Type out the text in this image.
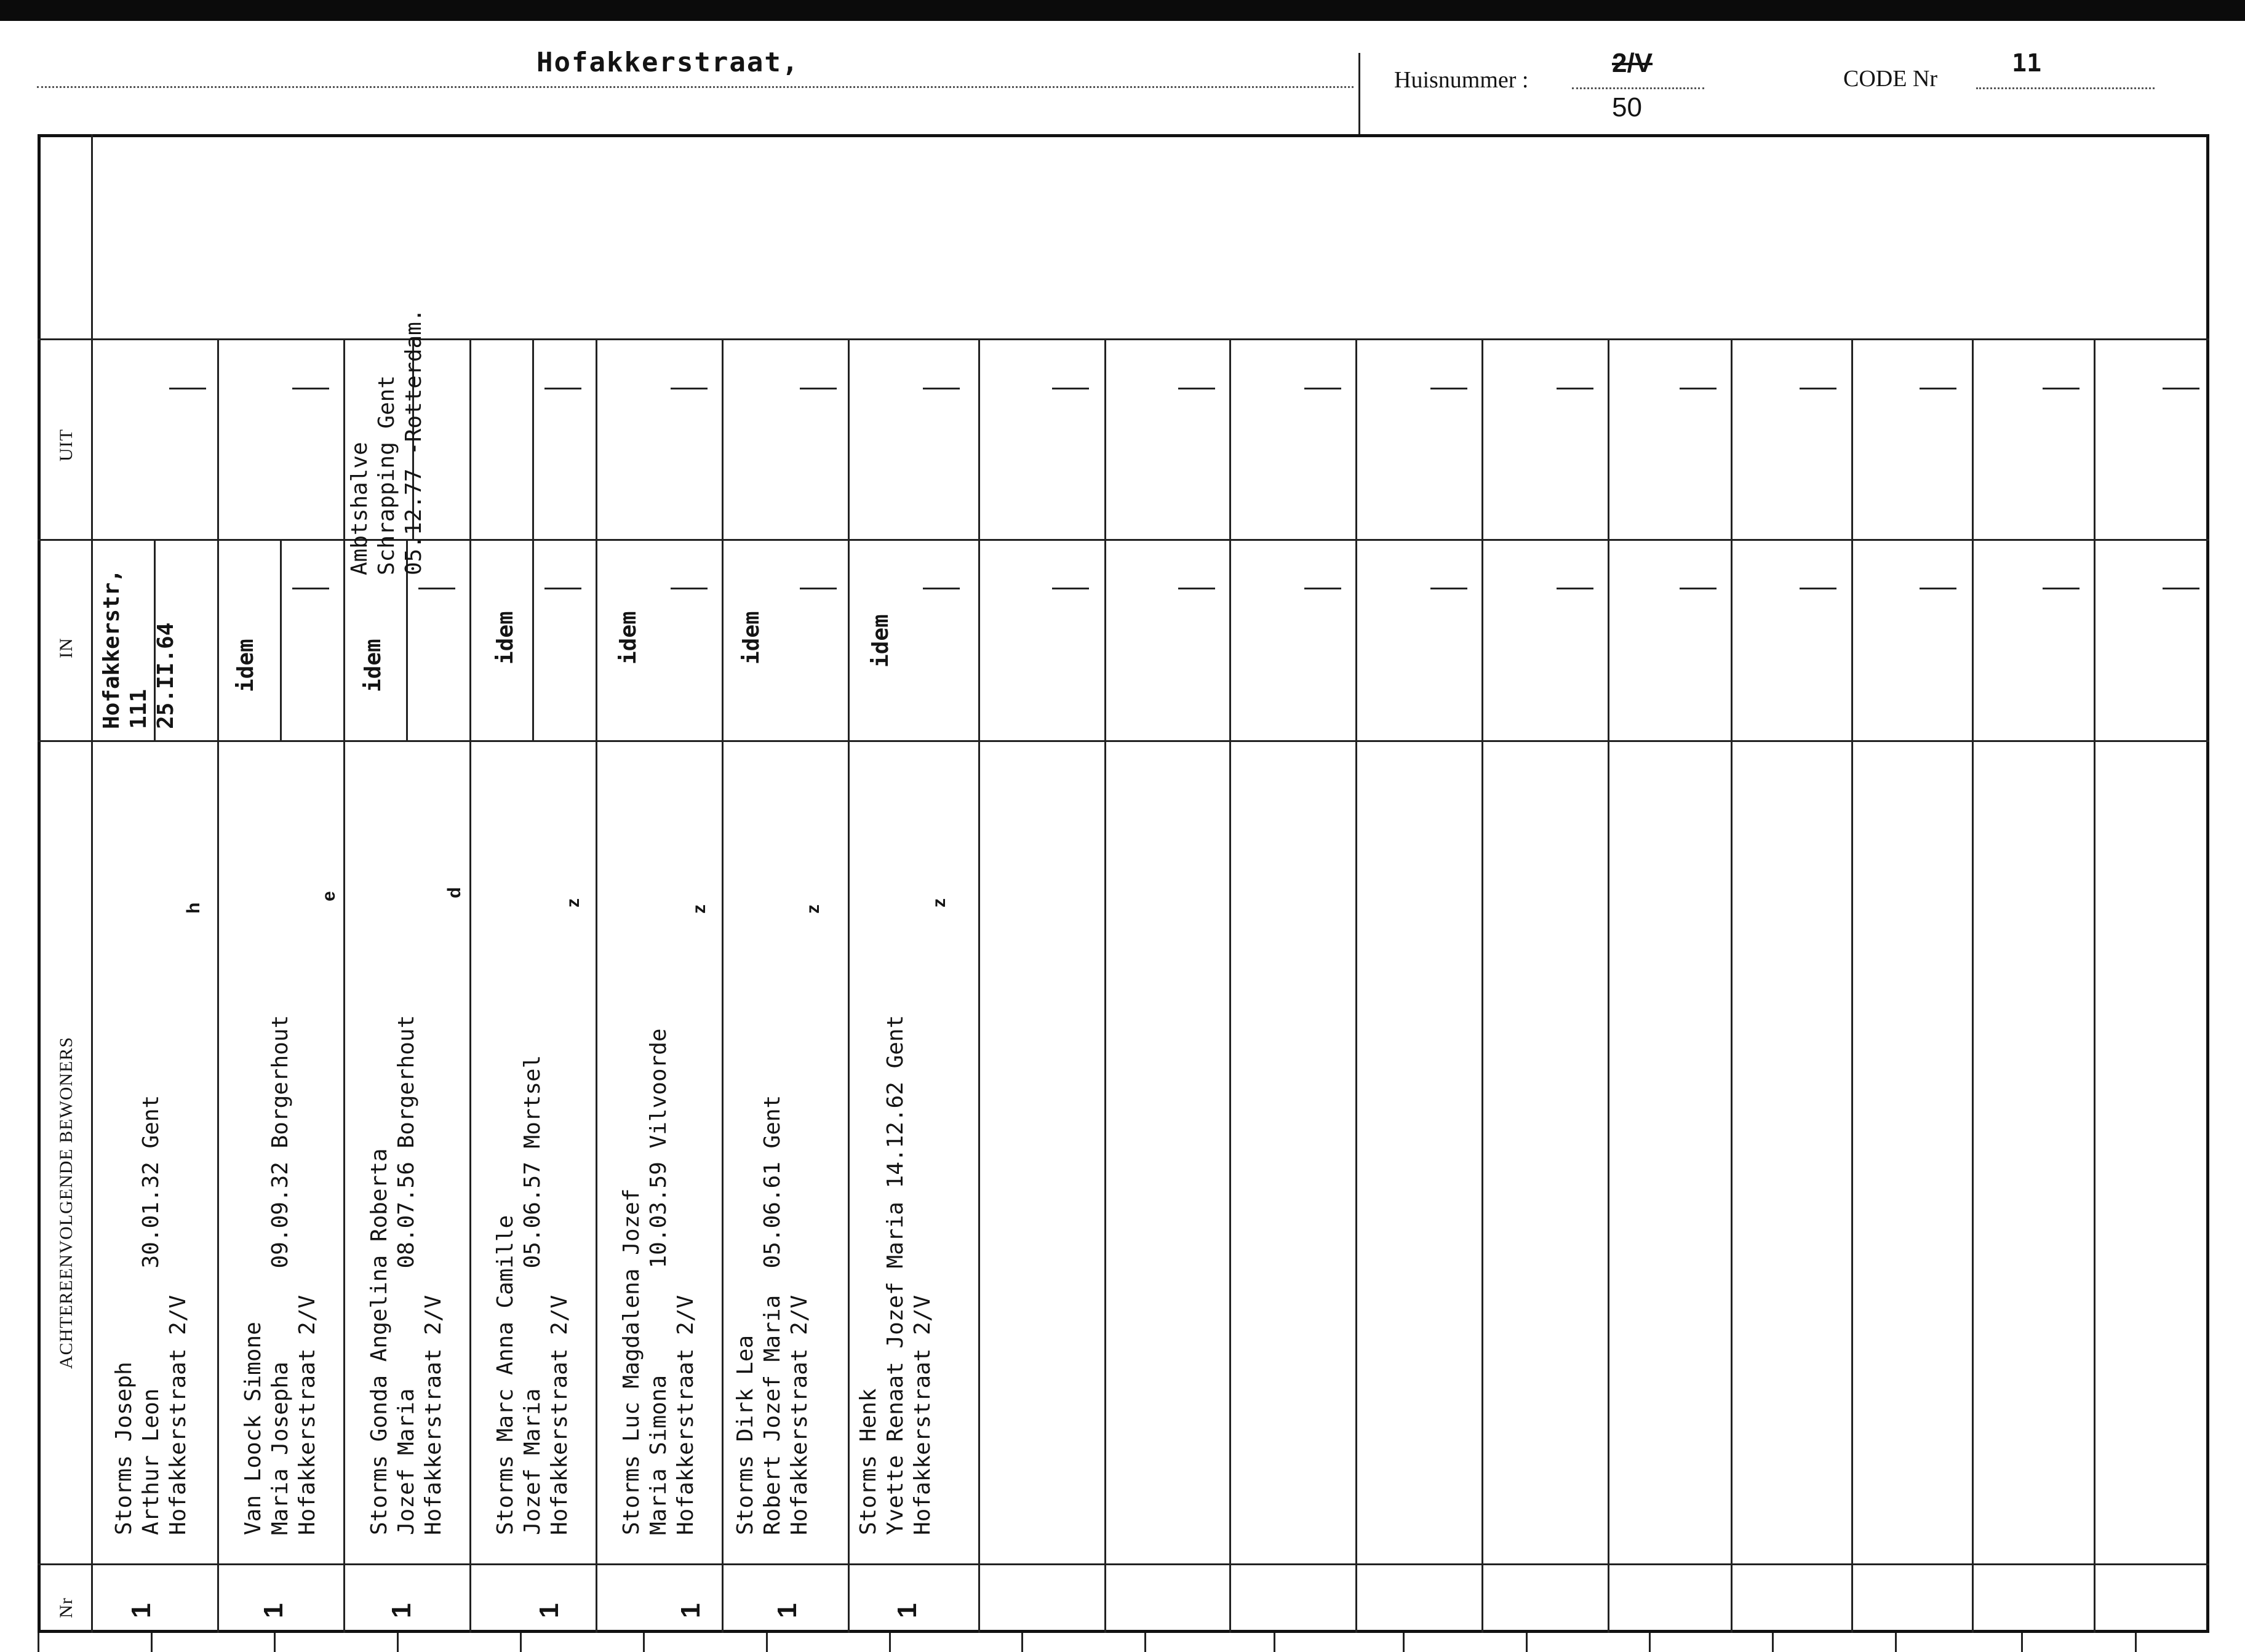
Hofakkerstraat,
Huisnummer :
2/V
50
CODE Nr
11
Nr
ACHTEREENVOLGENDE BEWONERS
IN
UIT
1
Storms Joseph
Arthur Leon         30.01.32 Gent
Hofakkerstraat 2/V
h
Hofakkerstr,
111
25.II.64
1
Van Loock Simone
Maria Josepha       09.09.32 Borgerhout
Hofakkerstraat 2/V
e
idem
1
Storms Gonda Angelina Roberta
Jozef Maria         08.07.56 Borgerhout
Hofakkerstraat 2/V
d
idem
Ambtshalve
Schrapping Gent
05.12.77 -Rotterdam.
1
Storms Marc Anna Camille
Jozef Maria         05.06.57 Mortsel
Hofakkerstraat 2/V
z
idem
1
Storms Luc Magdalena Jozef
Maria Simona        10.03.59 Vilvoorde
Hofakkerstraat 2/V
z
idem
1
Storms Dirk Lea
Robert Jozef Maria  05.06.61 Gent
Hofakkerstraat 2/V
z
idem
1
Storms Henk
Yvette Renaat Jozef Maria 14.12.62 Gent
Hofakkerstraat 2/V
z
idem
